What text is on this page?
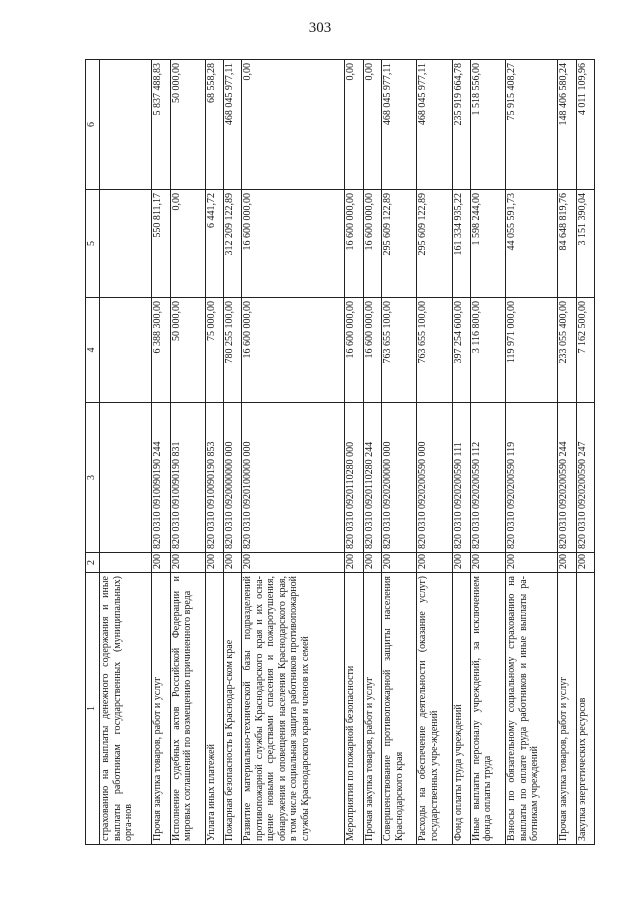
303
1	2	3	4	5	6
страхованию на выплаты денежного содержания и иные выплаты работникам государственных (муниципальных) орга-нов					
Прочая закупка товаров, работ и услуг	200	820 0310 0910090190 244	6 388 300,00	550 811,17	5 837 488,83
Исполнение судебных актов Российской Федерации и мировых соглашений по возмещению причиненного вреда	200	820 0310 0910090190 831	50 000,00	0,00	50 000,00
Уплата иных платежей	200	820 0310 0910090190 853	75 000,00	6 441,72	68 558,28
Пожарная безопасность в Краснодар-ском крае	200	820 0310 0920000000 000	780 255 100,00	312 209 122,89	468 045 977,11
Развитие материально-технической базы подразделений противопожарной службы Краснодарского края и их осна-щение новыми средствами спасения и пожаротушения, обнаружения и оповещения населения Краснодарского края, в том числе социальная защита работников противопожарной службы Краснодарского края и членов их семей	200	820 0310 0920100000 000	16 600 000,00	16 600 000,00	0,00
Мероприятия по пожарной безопасности	200	820 0310 0920110280 000	16 600 000,00	16 600 000,00	0,00
Прочая закупка товаров, работ и услуг	200	820 0310 0920110280 244	16 600 000,00	16 600 000,00	0,00
Совершенствование противопожарной защиты населения Краснодарского края	200	820 0310 0920200000 000	763 655 100,00	295 609 122,89	468 045 977,11
Расходы на обеспечение деятельности (оказание услуг) государственных учре-ждений	200	820 0310 0920200590 000	763 655 100,00	295 609 122,89	468 045 977,11
Фонд оплаты труда учреждений	200	820 0310 0920200590 111	397 254 600,00	161 334 935,22	235 919 664,78
Иные выплаты персоналу учреждений, за исключением фонда оплаты труда	200	820 0310 0920200590 112	3 116 800,00	1 598 244,00	1 518 556,00
Взносы по обязательному социальному страхованию на выплаты по оплате труда работников и иные выплаты ра-ботникам учреждений	200	820 0310 0920200590 119	119 971 000,00	44 055 591,73	75 915 408,27
Прочая закупка товаров, работ и услуг	200	820 0310 0920200590 244	233 055 400,00	84 648 819,76	148 406 580,24
Закупка энергетических ресурсов	200	820 0310 0920200590 247	7 162 500,00	3 151 390,04	4 011 109,96
